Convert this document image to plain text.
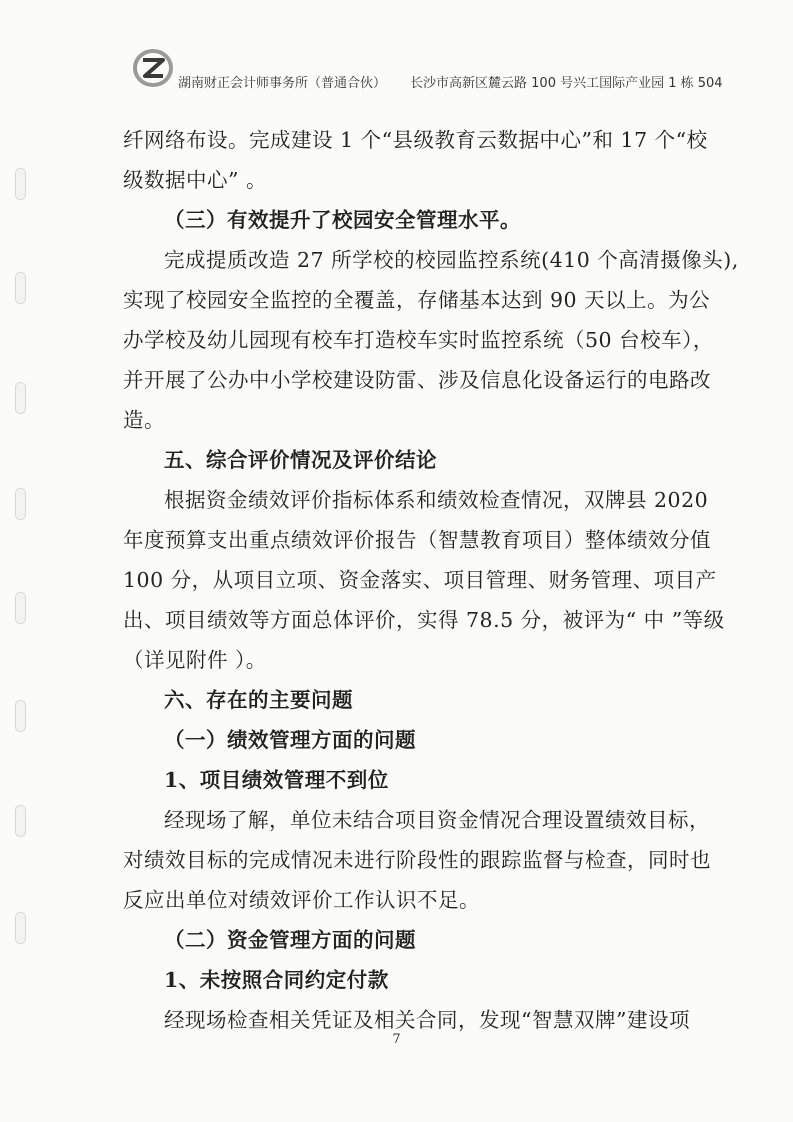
湖南财正会计师事务所（普通合伙） 长沙市高新区麓云路 100 号兴工国际产业园 1 栋 504
纤网络布设。完成建设 1 个“县级教育云数据中心”和 17 个“校
级数据中心” 。
（三）有效提升了校园安全管理水平。
完成提质改造 27 所学校的校园监控系统(410 个高清摄像头),
实现了校园安全监控的全覆盖，存储基本达到 90 天以上。为公
办学校及幼儿园现有校车打造校车实时监控系统（50 台校车），
并开展了公办中小学校建设防雷、涉及信息化设备运行的电路改
造。
五、综合评价情况及评价结论
根据资金绩效评价指标体系和绩效检查情况，双牌县 2020
年度预算支出重点绩效评价报告（智慧教育项目）整体绩效分值
100 分，从项目立项、资金落实、项目管理、财务管理、项目产
出、项目绩效等方面总体评价，实得 78.5 分，被评为“ 中 ”等级
（详见附件 ）。
六、存在的主要问题
（一）绩效管理方面的问题
1、项目绩效管理不到位
经现场了解，单位未结合项目资金情况合理设置绩效目标，
对绩效目标的完成情况未进行阶段性的跟踪监督与检查，同时也
反应出单位对绩效评价工作认识不足。
（二）资金管理方面的问题
1、未按照合同约定付款
经现场检查相关凭证及相关合同，发现“智慧双牌”建设项
7
